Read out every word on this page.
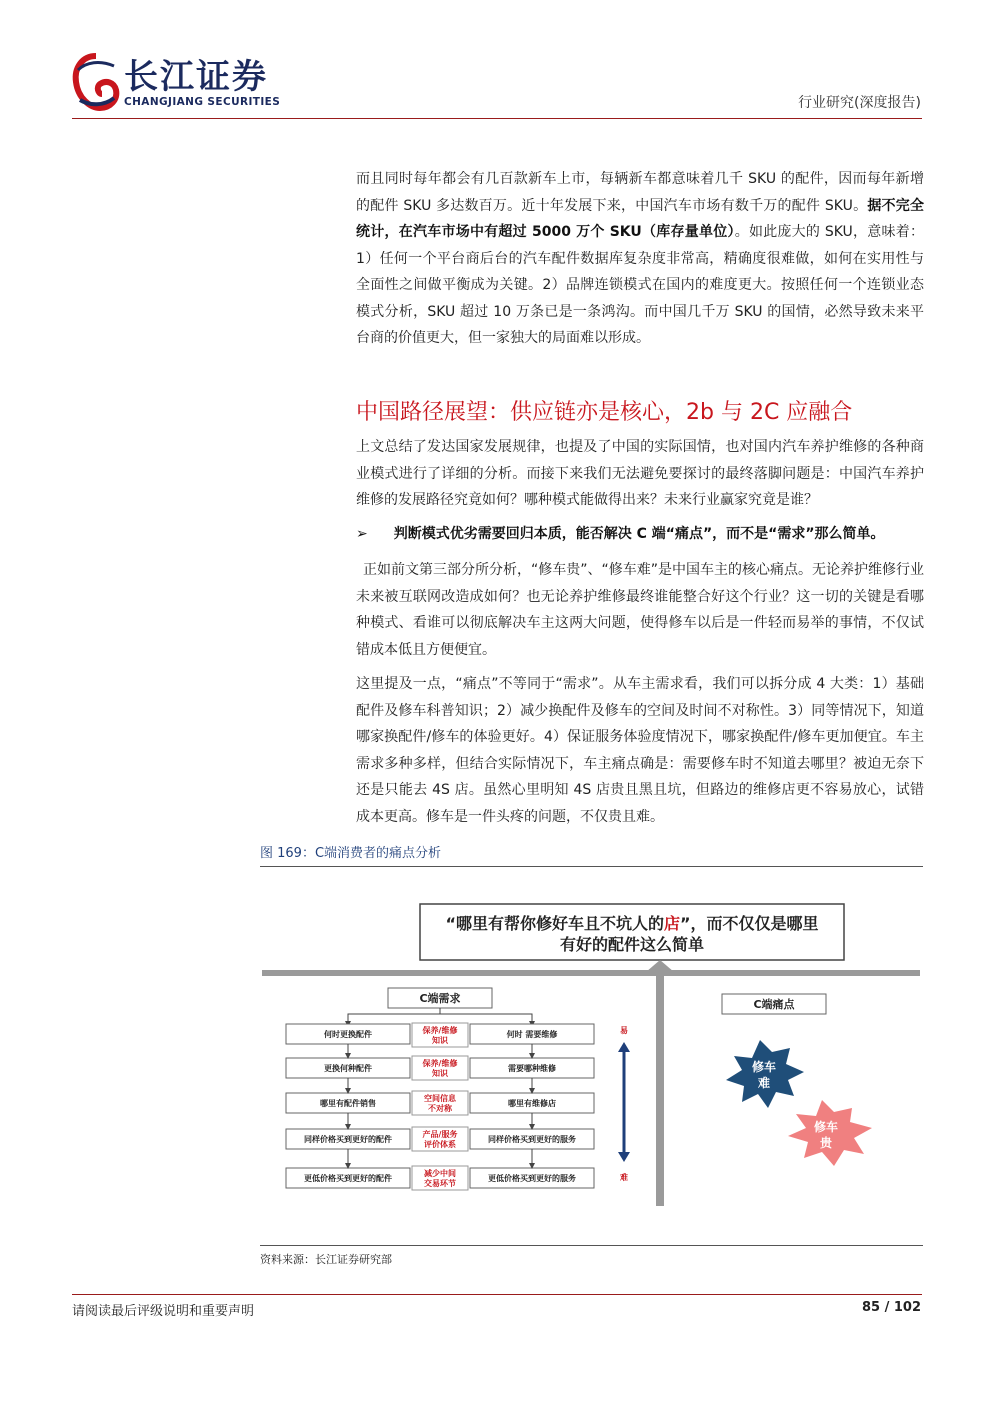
长江证券
CHANGJIANG SECURITIES	行业研究(深度报告)
而且同时每年都会有几百款新车上市，每辆新车都意味着几千 SKU 的配件，因而每年新增的配件 SKU 多达数百万。近十年发展下来，中国汽车市场有数千万的配件 SKU。据不完全统计，在汽车市场中有超过 5000 万个 SKU（库存量单位）。如此庞大的 SKU，意味着：1）任何一个平台商后台的汽车配件数据库复杂度非常高，精确度很难做，如何在实用性与全面性之间做平衡成为关键。2）品牌连锁模式在国内的难度更大。按照任何一个连锁业态模式分析，SKU 超过 10 万条已是一条鸿沟。而中国几千万 SKU 的国情，必然导致未来平台商的价值更大，但一家独大的局面难以形成。
中国路径展望：供应链亦是核心，2b 与 2C 应融合
上文总结了发达国家发展规律，也提及了中国的实际国情，也对国内汽车养护维修的各种商业模式进行了详细的分析。而接下来我们无法避免要探讨的最终落脚问题是：中国汽车养护维修的发展路径究竟如何？哪种模式能做得出来？未来行业赢家究竟是谁？
➢ 判断模式优劣需要回归本质，能否解决 C 端“痛点”，而不是“需求”那么简单。
正如前文第三部分所分析，“修车贵”、“修车难”是中国车主的核心痛点。无论养护维修行业未来被互联网改造成如何？也无论养护维修最终谁能整合好这个行业？这一切的关键是看哪种模式、看谁可以彻底解决车主这两大问题，使得修车以后是一件轻而易举的事情，不仅试错成本低且方便便宜。
这里提及一点，“痛点”不等同于“需求”。从车主需求看，我们可以拆分成 4 大类：1）基础配件及修车科普知识；2）减少换配件及修车的空间及时间不对称性。3）同等情况下，知道哪家换配件/修车的体验更好。4）保证服务体验度情况下，哪家换配件/修车更加便宜。车主需求多种多样，但结合实际情况下，车主痛点确是：需要修车时不知道去哪里？被迫无奈下还是只能去 4S 店。虽然心里明知 4S 店贵且黑且坑，但路边的维修店更不容易放心，试错成本更高。修车是一件头疼的问题，不仅贵且难。
图 169：C端消费者的痛点分析
“哪里有帮你修好车且不坑人的店”，而不仅仅是哪里
有好的配件这么简单
C端需求
何时更换配件
更换何种配件
哪里有配件销售
同样价格买到更好的配件
更低价格买到更好的配件
保养/维修
知识
保养/维修
知识
空间信息
不对称
产品/服务
评价体系
减少中间
交易环节
何时 需要维修
需要哪种维修
哪里有维修店
同样价格买到更好的服务
更低价格买到更好的服务
易
难
C端痛点
修车
难
修车
贵
资料来源：长江证券研究部
请阅读最后评级说明和重要声明	85 / 102
